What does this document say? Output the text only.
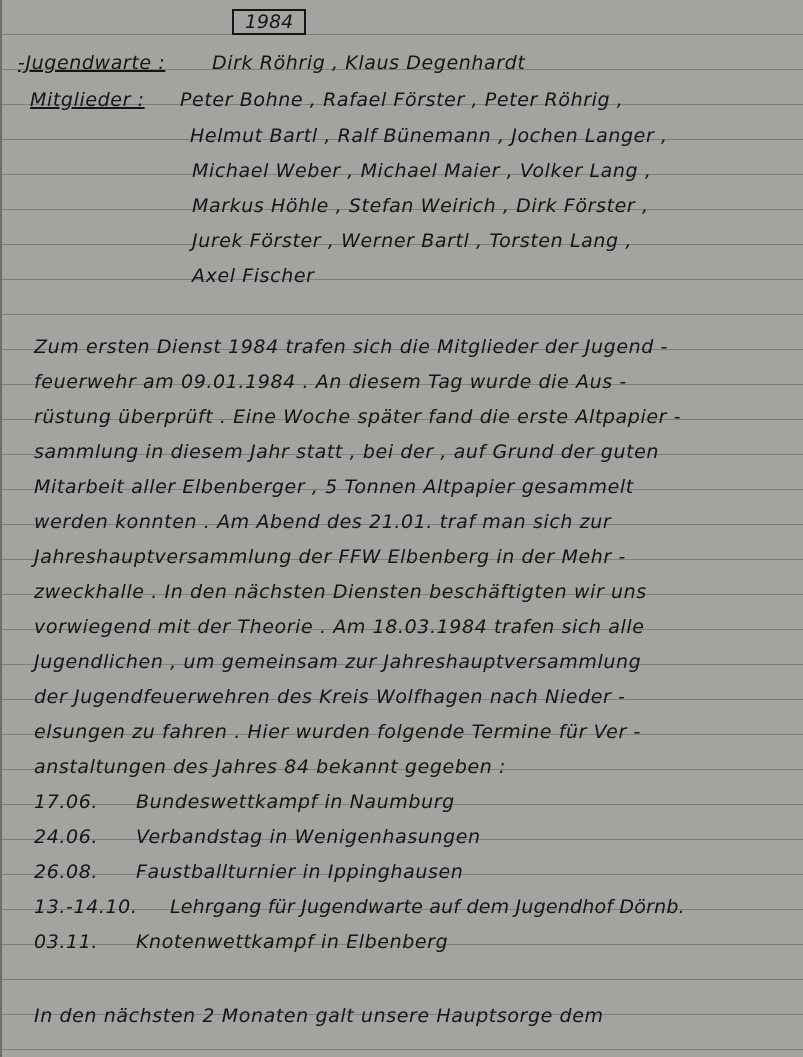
1984
-Jugendwarte : Dirk Röhrig , Klaus Degenhardt
Mitglieder : Peter Bohne , Rafael Förster , Peter Röhrig ,
Helmut Bartl , Ralf Bünemann , Jochen Langer ,
Michael Weber , Michael Maier , Volker Lang ,
Markus Höhle , Stefan Weirich , Dirk Förster ,
Jurek Förster , Werner Bartl , Torsten Lang ,
Axel Fischer
Zum ersten Dienst 1984 trafen sich die Mitglieder der Jugend -
feuerwehr am 09.01.1984 . An diesem Tag wurde die Aus -
rüstung überprüft . Eine Woche später fand die erste Altpapier -
sammlung in diesem Jahr statt , bei der , auf Grund der guten
Mitarbeit aller Elbenberger , 5 Tonnen Altpapier gesammelt
werden konnten . Am Abend des 21.01. traf man sich zur
Jahreshauptversammlung der FFW Elbenberg in der Mehr -
zweckhalle . In den nächsten Diensten beschäftigten wir uns
vorwiegend mit der Theorie . Am 18.03.1984 trafen sich alle
Jugendlichen , um gemeinsam zur Jahreshauptversammlung
der Jugendfeuerwehren des Kreis Wolfhagen nach Nieder -
elsungen zu fahren . Hier wurden folgende Termine für Ver -
anstaltungen des Jahres 84 bekannt gegeben :
17.06. Bundeswettkampf in Naumburg
24.06. Verbandstag in Wenigenhasungen
26.08. Faustballturnier in Ippinghausen
13.-14.10. Lehrgang für Jugendwarte auf dem Jugendhof Dörnb.
03.11. Knotenwettkampf in Elbenberg
In den nächsten 2 Monaten galt unsere Hauptsorge dem
